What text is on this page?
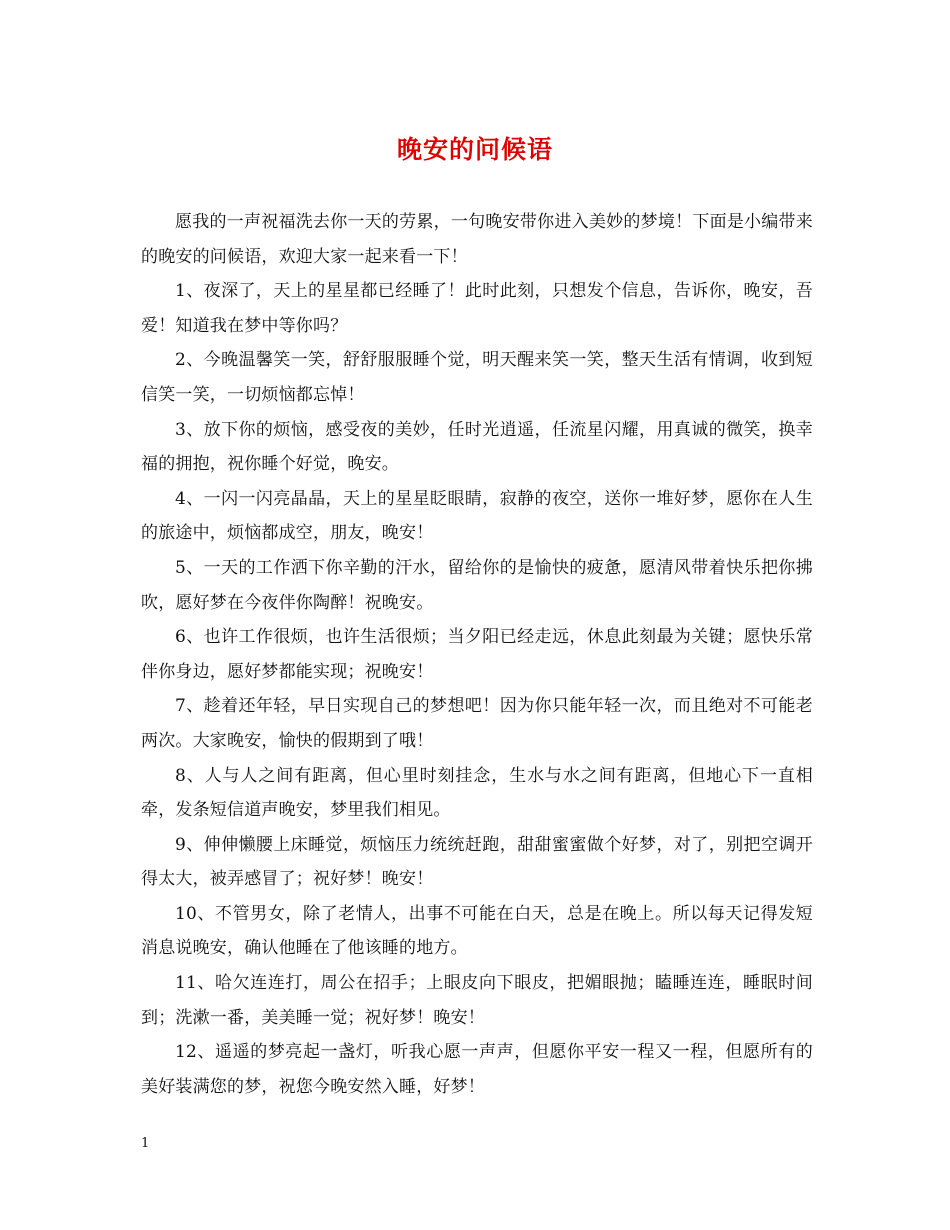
晚安的问候语

愿我的一声祝福洗去你一天的劳累，一句晚安带你进入美妙的梦境！下面是小编带来的晚安的问候语，欢迎大家一起来看一下！

1、夜深了，天上的星星都已经睡了！此时此刻，只想发个信息，告诉你，晚安，吾爱！知道我在梦中等你吗？

2、今晚温馨笑一笑，舒舒服服睡个觉，明天醒来笑一笑，整天生活有情调，收到短信笑一笑，一切烦恼都忘悼！

3、放下你的烦恼，感受夜的美妙，任时光逍遥，任流星闪耀，用真诚的微笑，换幸福的拥抱，祝你睡个好觉，晚安。

4、一闪一闪亮晶晶，天上的星星眨眼睛，寂静的夜空，送你一堆好梦，愿你在人生的旅途中，烦恼都成空，朋友，晚安！

5、一天的工作洒下你辛勤的汗水，留给你的是愉快的疲惫，愿清风带着快乐把你拂吹，愿好梦在今夜伴你陶醉！祝晚安。

6、也许工作很烦，也许生活很烦；当夕阳已经走远，休息此刻最为关键；愿快乐常伴你身边，愿好梦都能实现；祝晚安！

7、趁着还年轻，早日实现自己的梦想吧！因为你只能年轻一次，而且绝对不可能老两次。大家晚安，愉快的假期到了哦！

8、人与人之间有距离，但心里时刻挂念，生水与水之间有距离，但地心下一直相牵，发条短信道声晚安，梦里我们相见。

9、伸伸懒腰上床睡觉，烦恼压力统统赶跑，甜甜蜜蜜做个好梦，对了，别把空调开得太大，被弄感冒了；祝好梦！晚安！

10、不管男女，除了老情人，出事不可能在白天，总是在晚上。所以每天记得发短消息说晚安，确认他睡在了他该睡的地方。

11、哈欠连连打，周公在招手；上眼皮向下眼皮，把媚眼抛；瞌睡连连，睡眠时间到；洗漱一番，美美睡一觉；祝好梦！晚安！

12、遥遥的梦亮起一盏灯，听我心愿一声声，但愿你平安一程又一程，但愿所有的美好装满您的梦，祝您今晚安然入睡，好梦！

1
